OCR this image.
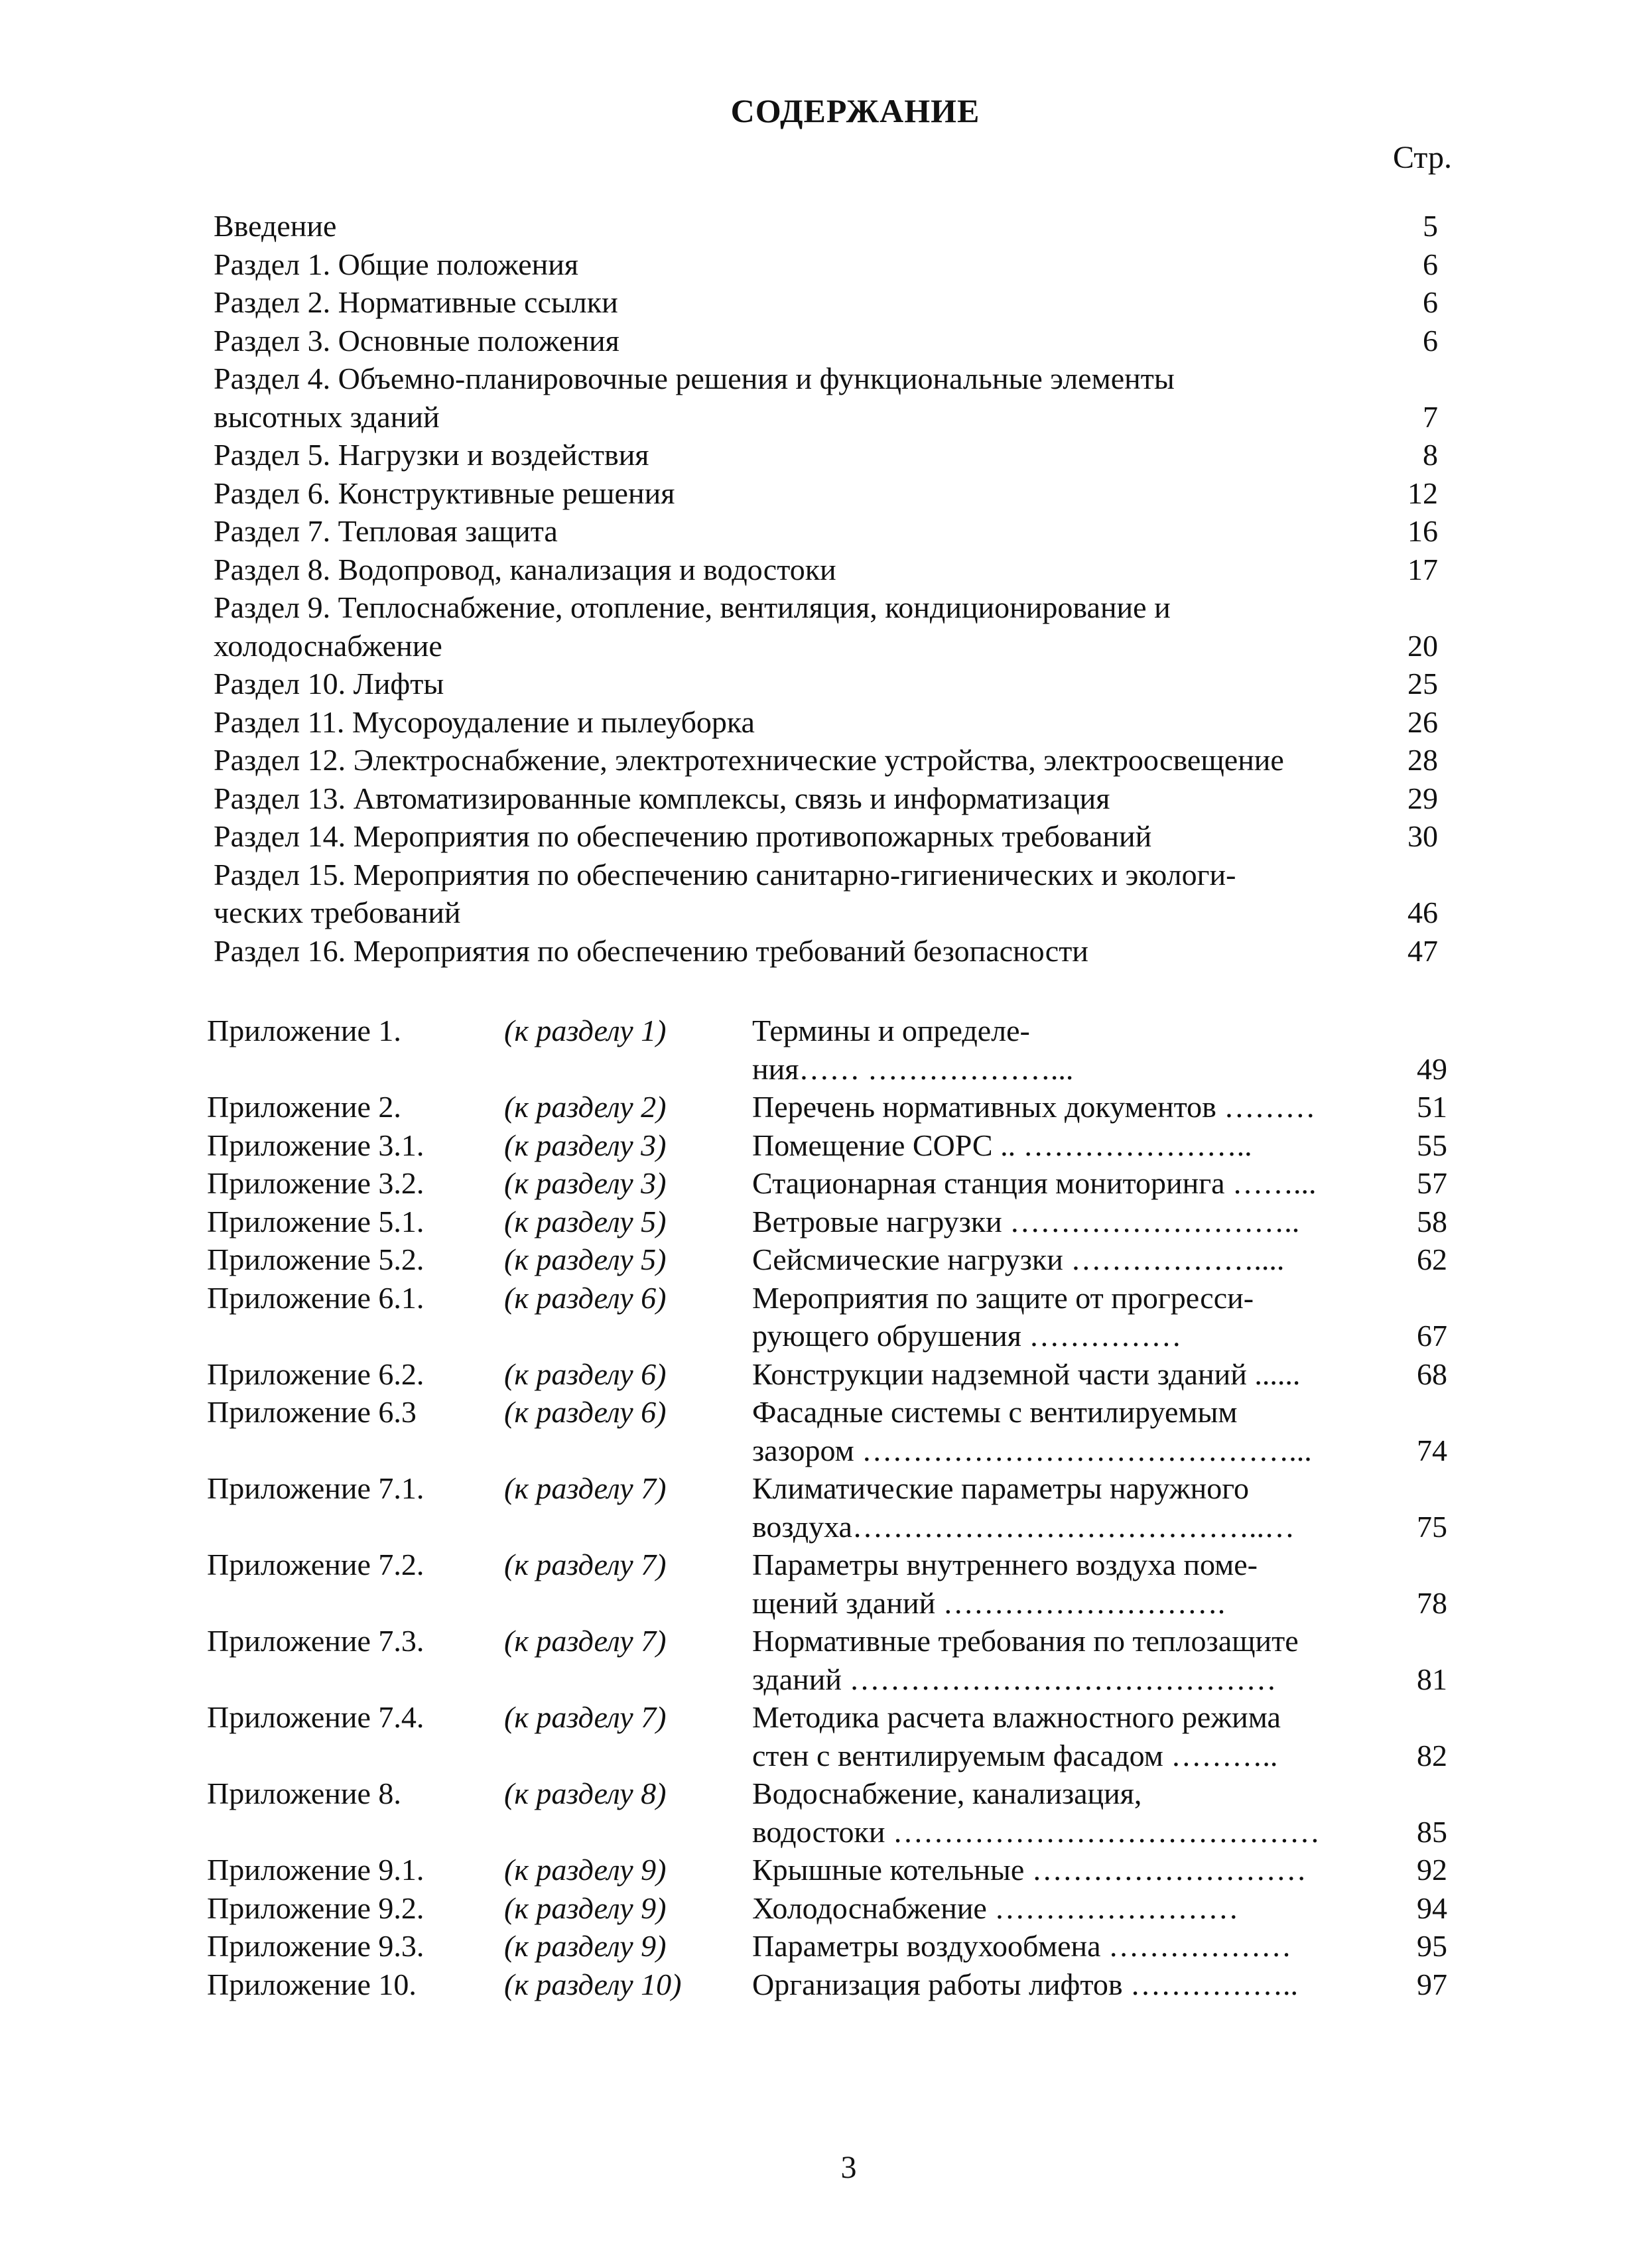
СОДЕРЖАНИЕ
Стр.
Введение	5
Раздел 1. Общие положения	6
Раздел 2. Нормативные ссылки	6
Раздел 3. Основные положения	6
Раздел 4. Объемно-планировочные решения и функциональные элементы
высотных зданий	7
Раздел 5. Нагрузки и воздействия	8
Раздел 6. Конструктивные решения	12
Раздел 7. Тепловая защита	16
Раздел 8. Водопровод, канализация и водостоки	17
Раздел 9. Теплоснабжение, отопление, вентиляция, кондиционирование и
холодоснабжение	20
Раздел 10. Лифты	25
Раздел 11. Мусороудаление и пылеуборка	26
Раздел 12. Электроснабжение, электротехнические устройства, электроосвещение	28
Раздел 13. Автоматизированные комплексы, связь и информатизация	29
Раздел 14. Мероприятия по обеспечению противопожарных требований	30
Раздел 15. Мероприятия по обеспечению санитарно-гигиенических и экологи-
ческих требований	46
Раздел 16. Мероприятия по обеспечению требований безопасности	47
Приложение 1.	(к разделу 1)	Термины и определе-
ния…… ………………...	49
Приложение 2.	(к разделу 2)	Перечень нормативных документов ………	51
Приложение 3.1.	(к разделу 3)	Помещение СОРС .. …………………..	55
Приложение 3.2.	(к разделу 3)	Стационарная станция мониторинга ……...	57
Приложение 5.1.	(к разделу 5)	Ветровые нагрузки ………………………..	58
Приложение 5.2.	(к разделу 5)	Сейсмические нагрузки ………………....	62
Приложение 6.1.	(к разделу 6)	Мероприятия по защите от прогресси-
рующего обрушения ……………	67
Приложение 6.2.	(к разделу 6)	Конструкции надземной части зданий ......	68
Приложение 6.3	(к разделу 6)	Фасадные системы с вентилируемым
зазором ……………………………………...	74
Приложение 7.1.	(к разделу 7)	Климатические параметры наружного
воздуха…………………………………..…	75
Приложение 7.2.	(к разделу 7)	Параметры внутреннего воздуха поме-
щений зданий ……………………….	78
Приложение 7.3.	(к разделу 7)	Нормативные требования по теплозащите
зданий ……………………………………	81
Приложение 7.4.	(к разделу 7)	Методика расчета влажностного режима
стен с вентилируемым фасадом ………..	82
Приложение 8.	(к разделу 8)	Водоснабжение, канализация,
водостоки ……………………………………	85
Приложение 9.1.	(к разделу 9)	Крышные котельные ………………………	92
Приложение 9.2.	(к разделу 9)	Холодоснабжение ……………………	94
Приложение 9.3.	(к разделу 9)	Параметры воздухообмена ………………	95
Приложение 10.	(к разделу 10) Организация работы лифтов ……………..	97
3
